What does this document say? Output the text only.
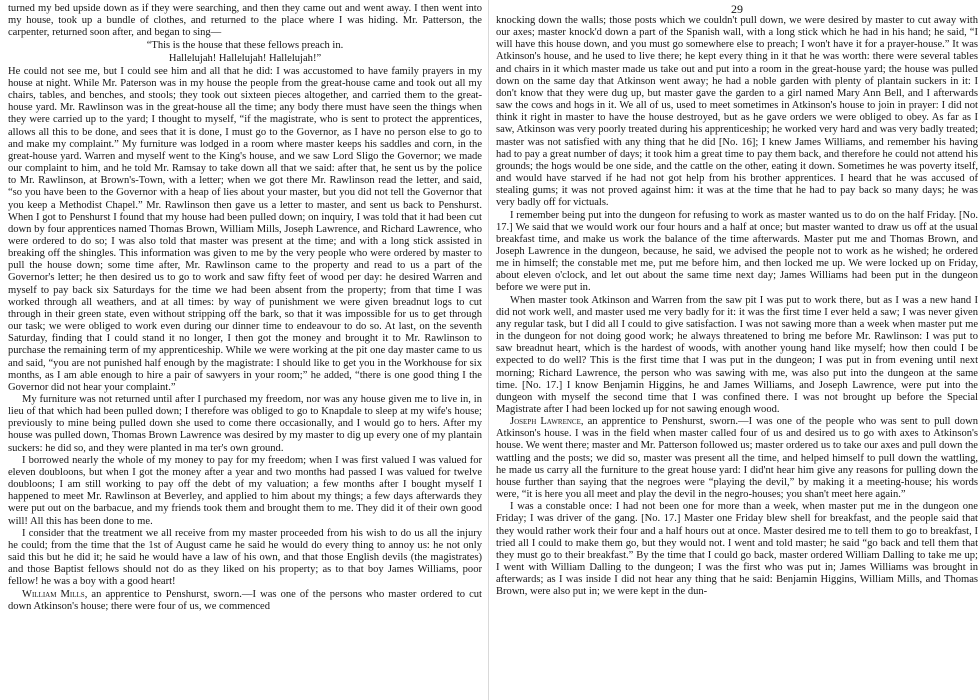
turned my bed upside down as if they were searching, and then they came out and went away. I then went into my house, took up a bundle of clothes, and returned to the place where I was hiding. Mr. Patterson, the carpenter, returned soon after, and began to sing—

“This is the house that these fellows preach in.

Hallelujah! Hallelujah! Hallelujah!”

He could not see me, but I could see him and all that he did: I was accustomed to have family prayers in my house at night. While Mr. Paterson was in my house the people from the great-house came and took out all my chairs, tables, and benches, and stools; they took out sixteen pieces altogether, and carried them to the great-house yard. Mr. Rawlinson was in the great-house all the time; any body there must have seen the things when they were carried up to the yard; I thought to myself, “if the magistrate, who is sent to protect the apprentices, allows all this to be done, and sees that it is done, I must go to the Governor, as I have no person else to go to and make my complaint.” My furniture was lodged in a room where master keeps his saddles and corn, in the great-house yard. Warren and myself went to the King's house, and we saw Lord Sligo the Governor; we made our complaint to him, and he told Mr. Ramsay to take down all that we said: after that, he sent us by the police to Mr. Rawlinson, at Brown's-Town, with a letter; when we got there Mr. Rawlinson read the letter, and said, “so you have been to the Governor with a heap of lies about your master, but you did not tell the Governor that you keep a Methodist Chapel.” Mr. Rawlinson then gave us a letter to master, and sent us back to Penshurst. When I got to Penshurst I found that my house had been pulled down; on inquiry, I was told that it had been cut down by four apprentices named Thomas Brown, William Mills, Joseph Lawrence, and Richard Lawrence, who were ordered to do so; I was also told that master was present at the time; and with a long stick assisted in breaking off the shingles. This information was given to me by the very people who were ordered by master to pull the house down; some time after, Mr. Rawlinson came to the property and read to us a part of the Governor's letter; he then desired us to go to work and saw fifty feet of wood per day: he desired Warren and myself to pay back six Saturdays for the time we had been absent from the property; from that time I was worked through all weathers, and at all times: by way of punishment we were given breadnut logs to cut through in their green state, even without stripping off the bark, so that it was impossible for us to get through our task; we were obliged to work even during our dinner time to endeavour to do so. At last, on the seventh Saturday, finding that I could stand it no longer, I then got the money and brought it to Mr. Rawlinson to purchase the remaining term of my apprenticeship. While we were working at the pit one day master came to us and said, “you are not punished half enough by the magistrate: I should like to get you in the Workhouse for six months, as I am able enough to hire a pair of sawyers in your room;” he added, “there is one good thing I the Governor did not hear your complaint.”

My furniture was not returned until after I purchased my freedom, nor was any house given me to live in, in lieu of that which had been pulled down; I therefore was obliged to go to Knapdale to sleep at my wife's house; previously to mine being pulled down she used to come there occasionally, and I would go to hers. After my house was pulled down, Thomas Brown Lawrence was desired by my master to dig up every one of my plantain suckers: he did so, and they were planted in ma ter's own ground.

I borrowed nearly the whole of my money to pay for my freedom; when I was first valued I was valued for eleven doubloons, but when I got the money after a year and two months had passed I was valued for twelve doubloons; I am still working to pay off the debt of my valuation; a few months after I bought myself I happened to meet Mr. Rawlinson at Beverley, and applied to him about my things; a few days afterwards they were put out on the barbacue, and my friends took them and brought them to me. They did it of their own good will! All this has been done to me.

I consider that the treatment we all receive from my master proceeded from his wish to do us all the injury he could; from the time that the 1st of August came he said he would do every thing to annoy us: he not only said this but he did it; he said he would have a law of his own, and that those English devils (the magistrates) and those Baptist fellows should not do as they liked on his property; as to that boy James Williams, poor fellow! he was a boy with a good heart!

William Mills, an apprentice to Penshurst, sworn.—I was one of the persons who master ordered to cut down Atkinson's house; there were four of us, we commenced

29

knocking down the walls; those posts which we couldn't pull down, we were desired by master to cut away with our axes; master knock'd down a part of the Spanish wall, with a long stick which he had in his hand; he said, “I will have this house down, and you must go somewhere else to preach; I won't have it for a prayer-house.” It was Atkinson's house, and he used to live there; he kept every thing in it that he was worth: there were several tables and chairs in it which master made us take out and put into a room in the great-house yard; the house was pulled down on the same day that Atkinson went away; he had a noble garden with plenty of plantain suckers in it: I don't know that they were dug up, but master gave the garden to a girl named Mary Ann Bell, and I afterwards saw the cows and hogs in it. We all of us, used to meet sometimes in Atkinson's house to join in prayer: I did not think it right in master to have the house destroyed, but as he gave orders we were obliged to obey. As far as I saw, Atkinson was very poorly treated during his apprenticeship; he worked very hard and was very badly treated; master was not satisfied with any thing that he did [No. 16]; I knew James Williams, and remember his having had to pay a great number of days; it took him a great time to pay them back, and therefore he could not attend his grounds; the hogs would be one side, and the cattle on the other, eating it down. Sometimes he was poverty itself, and would have starved if he had not got help from his brother apprentices. I heard that he was accused of stealing gums; it was not proved against him: it was at the time that he had to pay back so many days; he was very badly off for victuals.

I remember being put into the dungeon for refusing to work as master wanted us to do on the half Friday. [No. 17.] We said that we would work our four hours and a half at once; but master wanted to draw us off at the usual breakfast time, and make us work the balance of the time afterwards. Master put me and Thomas Brown, and Joseph Lawrence in the dungeon, because, he said, we advised the people not to work as he wished; he ordered me in himself; the constable met me, put me before him, and then locked me up. We were locked up on Friday, about eleven o'clock, and let out about the same time next day; James Williams had been put in the dungeon before we were put in.

When master took Atkinson and Warren from the saw pit I was put to work there, but as I was a new hand I did not work well, and master used me very badly for it: it was the first time I ever held a saw; I was never given any regular task, but I did all I could to give satisfaction. I was not sawing more than a week when master put me in the dungeon for not doing good work; he always threatened to bring me before Mr. Rawlinson: I was put to saw breadnut heart, which is the hardest of woods, with another young hand like myself; how then could I be expected to do well? This is the first time that I was put in the dungeon; I was put in from evening until next morning; Richard Lawrence, the person who was sawing with me, was also put into the dungeon at the same time. [No. 17.] I know Benjamin Higgins, he and James Williams, and Joseph Lawrence, were put into the dungeon with myself the second time that I was confined there. I was not brought up before the Special Magistrate after I had been locked up for not sawing enough wood.

Joseph Lawrence, an apprentice to Penshurst, sworn.—I was one of the people who was sent to pull down Atkinson's house. I was in the field when master called four of us and desired us to go with axes to Atkinson's house. We went there; master and Mr. Patterson followed us; master ordered us to take our axes and pull down the wattling and the posts; we did so, master was present all the time, and helped himself to pull down the wattling, he made us carry all the furniture to the great house yard: I did'nt hear him give any reasons for pulling down the house further than saying that the negroes were “playing the devil,” by making it a meeting-house; his words were, “it is here you all meet and play the devil in the negro-houses; you shan't meet here again.”

I was a constable once: I had not been one for more than a week, when master put me in the dungeon one Friday; I was driver of the gang. [No. 17.] Master one Friday blew shell for breakfast, and the people said that they would rather work their four and a half hours out at once. Master desired me to tell them to go to breakfast, I tried all I could to make them go, but they would not. I went and told master; he said “go back and tell them that they must go to their breakfast.” By the time that I could go back, master ordered William Dalling to take me up; I went with William Dalling to the dungeon; I was the first who was put in; James Williams was brought in afterwards; as I was inside I did not hear any thing that he said: Benjamin Higgins, William Mills, and Thomas Brown, were also put in; we were kept in the dun-
